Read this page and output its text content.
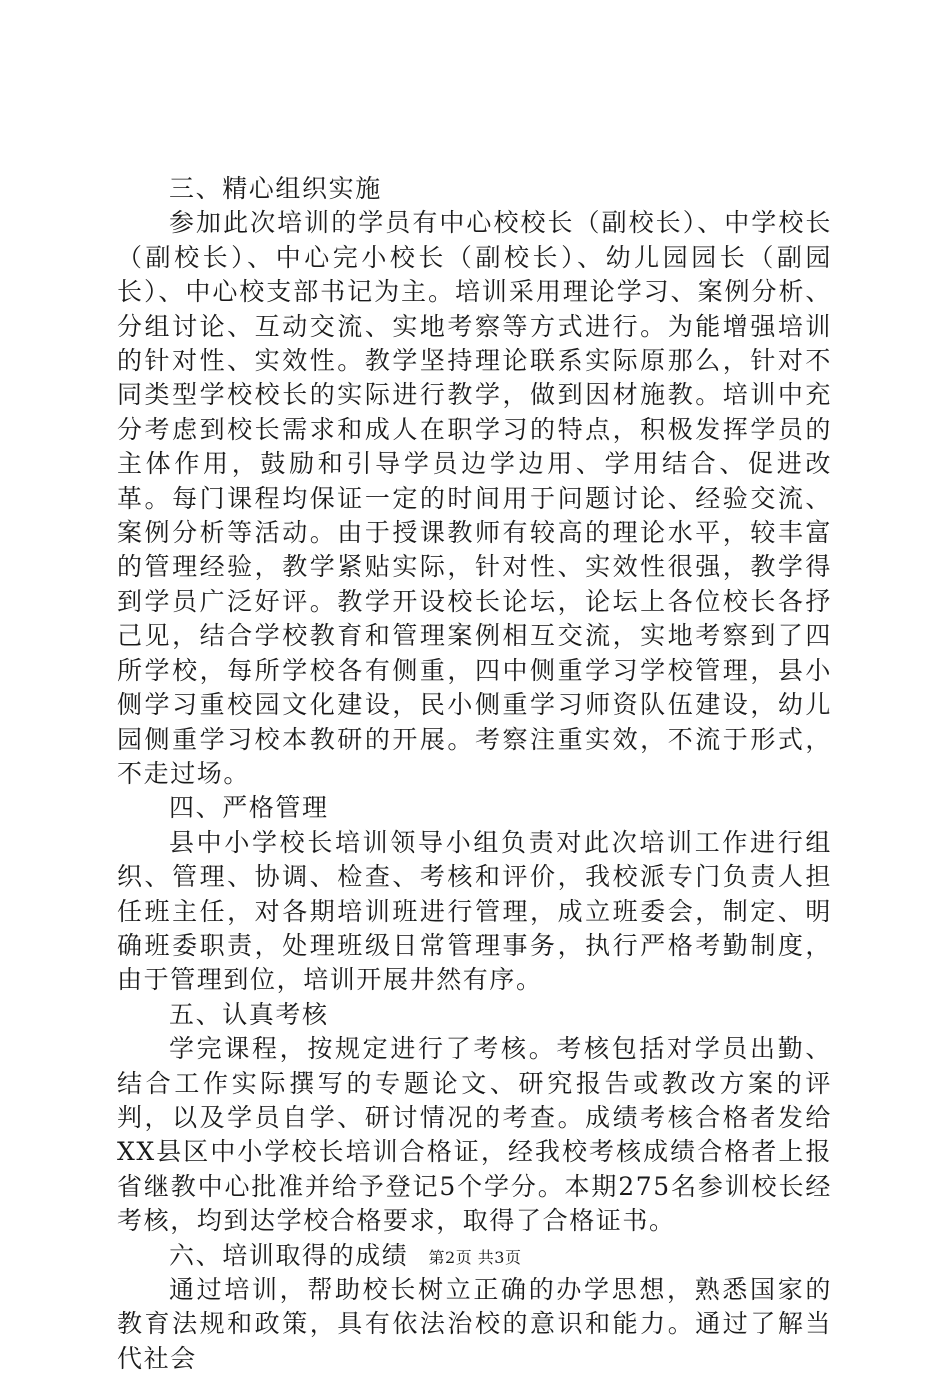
三、精心组织实施

参加此次培训的学员有中心校校长（副校长）、中学校长（副校长）、中心完小校长（副校长）、幼儿园园长（副园长）、中心校支部书记为主。培训采用理论学习、案例分析、分组讨论、互动交流、实地考察等方式进行。为能增强培训的针对性、实效性。教学坚持理论联系实际原那么，针对不同类型学校校长的实际进行教学，做到因材施教。培训中充分考虑到校长需求和成人在职学习的特点，积极发挥学员的主体作用，鼓励和引导学员边学边用、学用结合、促进改革。每门课程均保证一定的时间用于问题讨论、经验交流、案例分析等活动。由于授课教师有较高的理论水平，较丰富的管理经验，教学紧贴实际，针对性、实效性很强，教学得到学员广泛好评。教学开设校长论坛，论坛上各位校长各抒己见，结合学校教育和管理案例相互交流，实地考察到了四所学校，每所学校各有侧重，四中侧重学习学校管理，县小侧学习重校园文化建设，民小侧重学习师资队伍建设，幼儿园侧重学习校本教研的开展。考察注重实效，不流于形式，不走过场。

四、严格管理

县中小学校长培训领导小组负责对此次培训工作进行组织、管理、协调、检查、考核和评价，我校派专门负责人担任班主任，对各期培训班进行管理，成立班委会，制定、明确班委职责，处理班级日常管理事务，执行严格考勤制度，由于管理到位，培训开展井然有序。

五、认真考核

学完课程，按规定进行了考核。考核包括对学员出勤、结合工作实际撰写的专题论文、研究报告或教改方案的评判，以及学员自学、研讨情况的考查。成绩考核合格者发给XX县区中小学校长培训合格证，经我校考核成绩合格者上报省继教中心批准并给予登记5个学分。本期275名参训校长经考核，均到达学校合格要求，取得了合格证书。

六、培训取得的成绩

通过培训，帮助校长树立正确的办学思想，熟悉国家的教育法规和政策，具有依法治校的意识和能力。通过了解当代社会

第2页 共3页
